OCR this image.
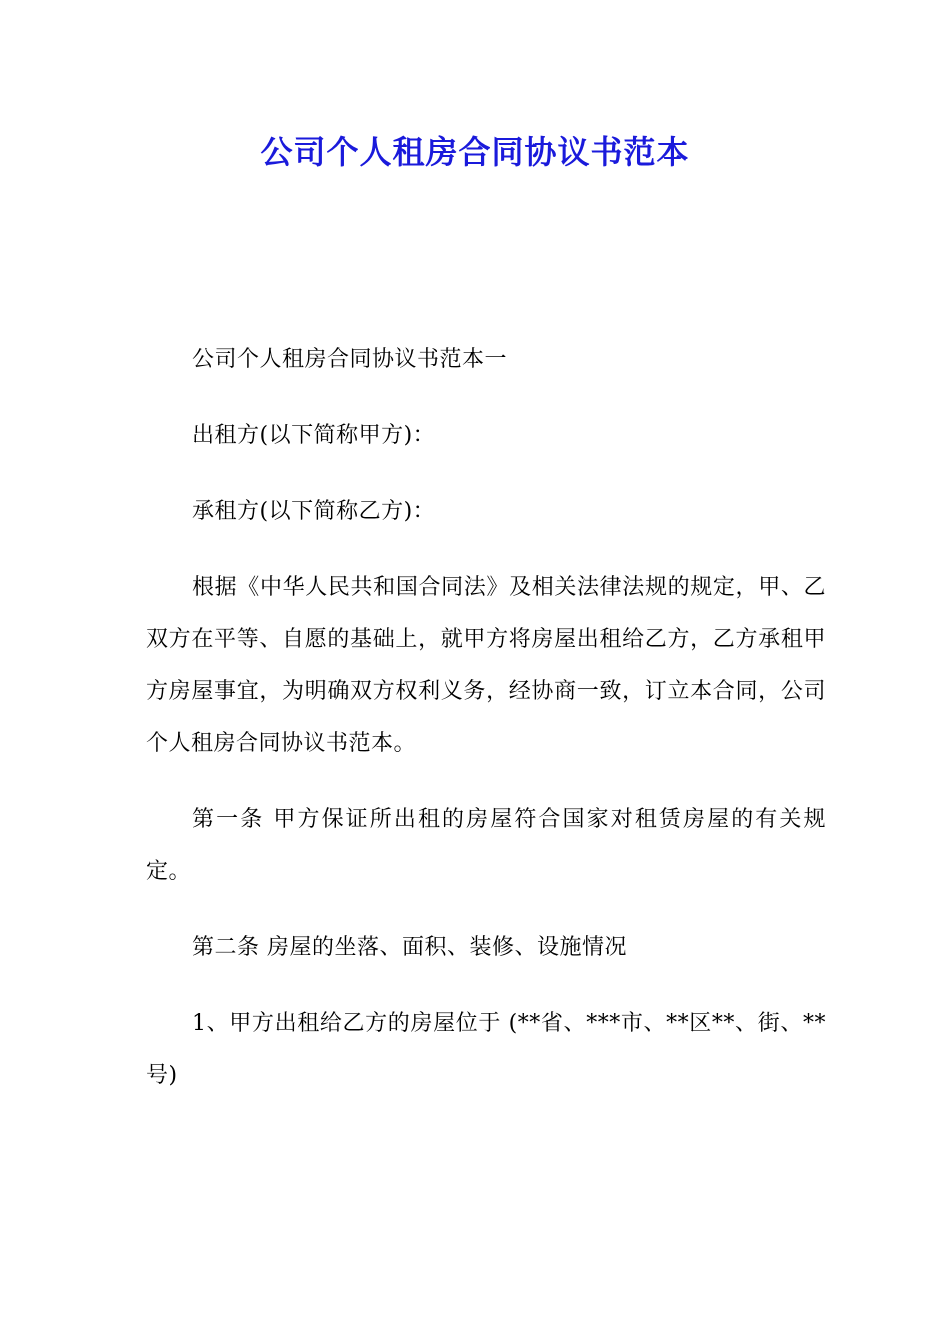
公司个人租房合同协议书范本

公司个人租房合同协议书范本一

出租方(以下简称甲方)：

承租方(以下简称乙方)：

根据《中华人民共和国合同法》及相关法律法规的规定，甲、乙双方在平等、自愿的基础上，就甲方将房屋出租给乙方，乙方承租甲方房屋事宜，为明确双方权利义务，经协商一致，订立本合同，公司个人租房合同协议书范本。

第一条 甲方保证所出租的房屋符合国家对租赁房屋的有关规定。

第二条 房屋的坐落、面积、装修、设施情况

1、甲方出租给乙方的房屋位于 (**省、***市、**区**、街、**号)
